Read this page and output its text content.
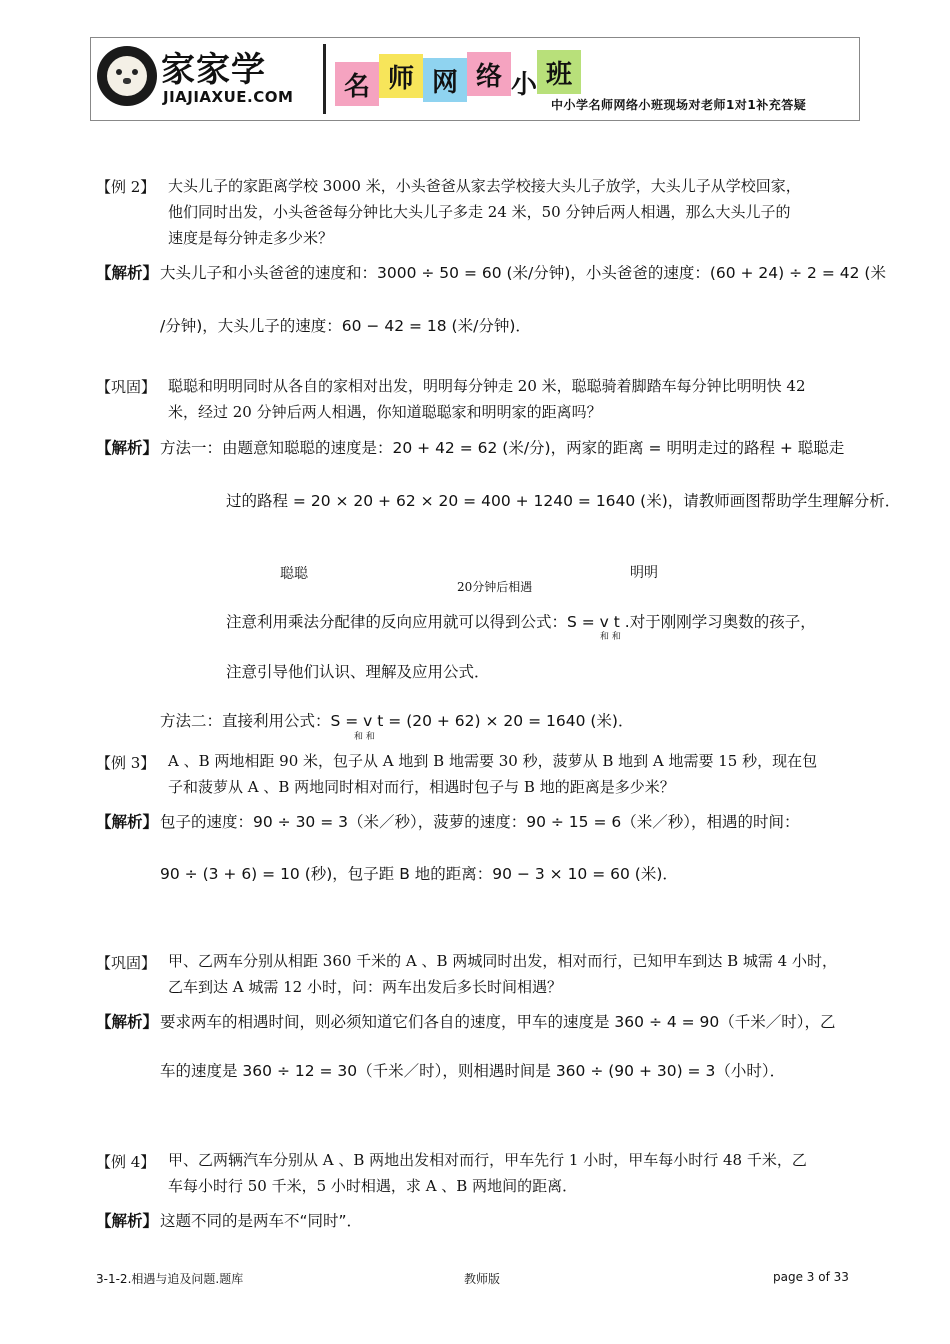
家家学
JIAJIAXUE.COM	名 师 网 络 小 班
中小学名师网络小班现场对老师1对1补充答疑
【例 2】 大头儿子的家距离学校 3000 米，小头爸爸从家去学校接大头儿子放学，大头儿子从学校回家，
他们同时出发，小头爸爸每分钟比大头儿子多走 24 米，50 分钟后两人相遇，那么大头儿子的
速度是每分钟走多少米？
【解析】 大头儿子和小头爸爸的速度和：3000 ÷ 50 = 60 (米/分钟)，小头爸爸的速度：(60 + 24) ÷ 2 = 42 (米
/分钟)，大头儿子的速度：60 − 42 = 18 (米/分钟)．
【巩固】 聪聪和明明同时从各自的家相对出发，明明每分钟走 20 米，聪聪骑着脚踏车每分钟比明明快 42
米，经过 20 分钟后两人相遇，你知道聪聪家和明明家的距离吗？
【解析】 方法一：由题意知聪聪的速度是：20 + 42 = 62 (米/分)，两家的距离 = 明明走过的路程 + 聪聪走
过的路程 = 20 × 20 + 62 × 20 = 400 + 1240 = 1640 (米)，请教师画图帮助学生理解分析．
聪聪
20分钟后相遇
明明
注意利用乘法分配律的反向应用就可以得到公式：S = v t .对于刚刚学习奥数的孩子，
和 和
注意引导他们认识、理解及应用公式．
方法二：直接利用公式：S = v t = (20 + 62) × 20 = 1640 (米)．
和 和
【例 3】 A 、B 两地相距 90 米，包子从 A 地到 B 地需要 30 秒，菠萝从 B 地到 A 地需要 15 秒，现在包
子和菠萝从 A 、B 两地同时相对而行，相遇时包子与 B 地的距离是多少米？
【解析】 包子的速度：90 ÷ 30 = 3（米／秒），菠萝的速度：90 ÷ 15 = 6（米／秒），相遇的时间：
90 ÷ (3 + 6) = 10 (秒)，包子距 B 地的距离：90 − 3 × 10 = 60 (米)．
【巩固】 甲、乙两车分别从相距 360 千米的 A 、B 两城同时出发，相对而行，已知甲车到达 B 城需 4 小时，
乙车到达 A 城需 12 小时，问：两车出发后多长时间相遇？
【解析】 要求两车的相遇时间，则必须知道它们各自的速度，甲车的速度是 360 ÷ 4 = 90（千米／时），乙
车的速度是 360 ÷ 12 = 30（千米／时），则相遇时间是 360 ÷ (90 + 30) = 3（小时）．
【例 4】 甲、乙两辆汽车分别从 A 、B 两地出发相对而行，甲车先行 1 小时，甲车每小时行 48 千米，乙
车每小时行 50 千米，5 小时相遇，求 A 、B 两地间的距离．
【解析】 这题不同的是两车不“同时”．
3-1-2.相遇与追及问题.题库	教师版	page 3 of 33
